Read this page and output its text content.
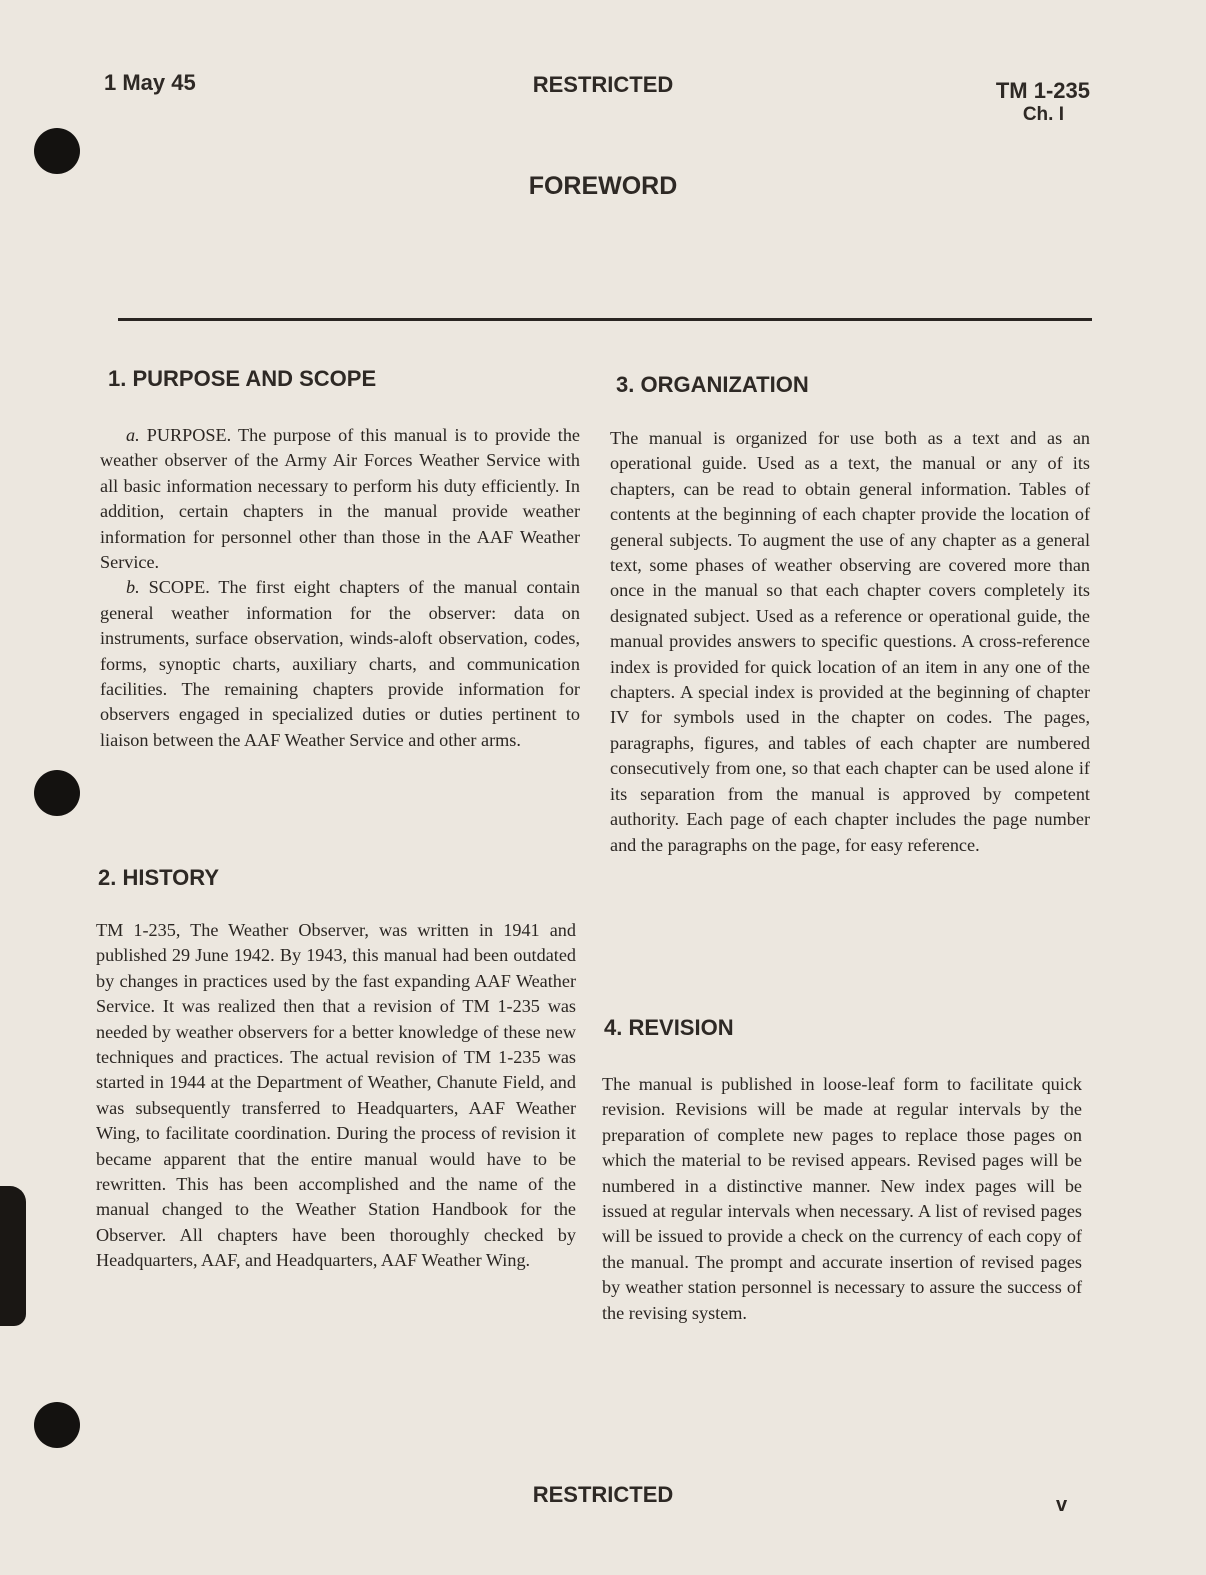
1 May 45	RESTRICTED	TM 1-235
Ch. I
FOREWORD
1. PURPOSE AND SCOPE

a. PURPOSE. The purpose of this manual is to provide the weather observer of the Army Air Forces Weather Service with all basic information necessary to perform his duty efficiently. In addition, certain chapters in the manual provide weather information for personnel other than those in the AAF Weather Service.

b. SCOPE. The first eight chapters of the manual contain general weather information for the observer: data on instruments, surface observation, winds-aloft observation, codes, forms, synoptic charts, auxiliary charts, and communication facilities. The remaining chapters provide information for observers engaged in specialized duties or duties pertinent to liaison between the AAF Weather Service and other arms.

2. HISTORY

TM 1-235, The Weather Observer, was written in 1941 and published 29 June 1942. By 1943, this manual had been outdated by changes in practices used by the fast expanding AAF Weather Service. It was realized then that a revision of TM 1-235 was needed by weather observers for a better knowledge of these new techniques and practices. The actual revision of TM 1-235 was started in 1944 at the Department of Weather, Chanute Field, and was subsequently transferred to Headquarters, AAF Weather Wing, to facilitate coordination. During the process of revision it became apparent that the entire manual would have to be rewritten. This has been accomplished and the name of the manual changed to the Weather Station Handbook for the Observer. All chapters have been thoroughly checked by Headquarters, AAF, and Headquarters, AAF Weather Wing.

3. ORGANIZATION

The manual is organized for use both as a text and as an operational guide. Used as a text, the manual or any of its chapters, can be read to obtain general information. Tables of contents at the beginning of each chapter provide the location of general subjects. To augment the use of any chapter as a general text, some phases of weather observing are covered more than once in the manual so that each chapter covers completely its designated subject. Used as a reference or operational guide, the manual provides answers to specific questions. A cross-reference index is provided for quick location of an item in any one of the chapters. A special index is provided at the beginning of chapter IV for symbols used in the chapter on codes. The pages, paragraphs, figures, and tables of each chapter are numbered consecutively from one, so that each chapter can be used alone if its separation from the manual is approved by competent authority. Each page of each chapter includes the page number and the paragraphs on the page, for easy reference.

4. REVISION

The manual is published in loose-leaf form to facilitate quick revision. Revisions will be made at regular intervals by the preparation of complete new pages to replace those pages on which the material to be revised appears. Revised pages will be numbered in a distinctive manner. New index pages will be issued at regular intervals when necessary. A list of revised pages will be issued to provide a check on the currency of each copy of the manual. The prompt and accurate insertion of revised pages by weather station personnel is necessary to assure the success of the revising system.

RESTRICTED	v
